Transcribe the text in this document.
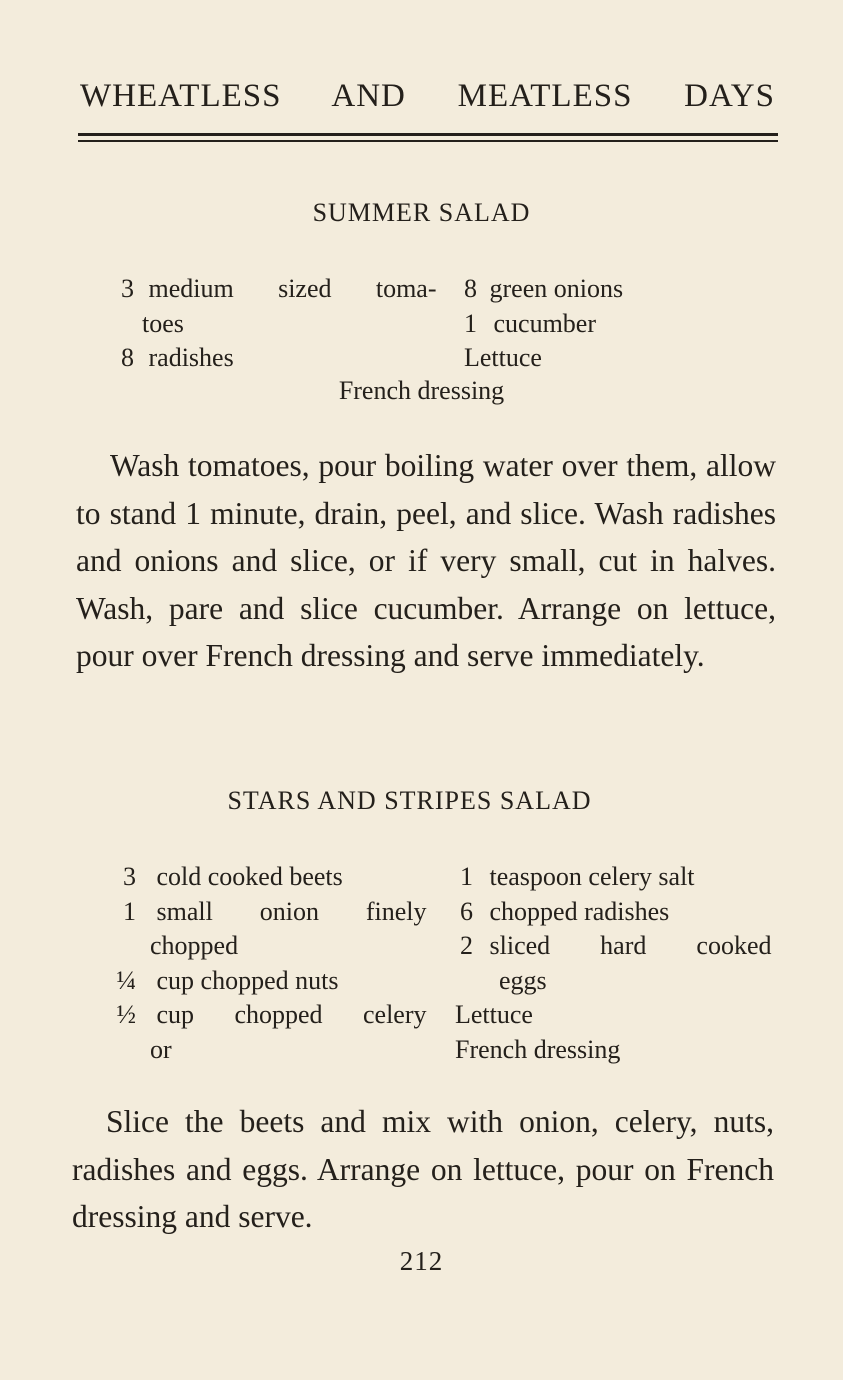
WHEATLESS AND MEATLESS DAYS
SUMMER SALAD
3 medium sized toma-
toes
8 radishes
8 green onions
1 cucumber
Lettuce
French dressing
Wash tomatoes, pour boiling water over them, allow to stand 1 minute, drain, peel, and slice. Wash radishes and onions and slice, or if very small, cut in halves. Wash, pare and slice cucumber. Arrange on lettuce, pour over French dressing and serve immediately.
STARS AND STRIPES SALAD
3 cold cooked beets
1 small onion finely
chopped
¼ cup chopped nuts
½ cup chopped celery
or
1 teaspoon celery salt
6 chopped radishes
2 sliced hard cooked
eggs
Lettuce
French dressing
Slice the beets and mix with onion, celery, nuts, radishes and eggs. Arrange on lettuce, pour on French dressing and serve.
212
